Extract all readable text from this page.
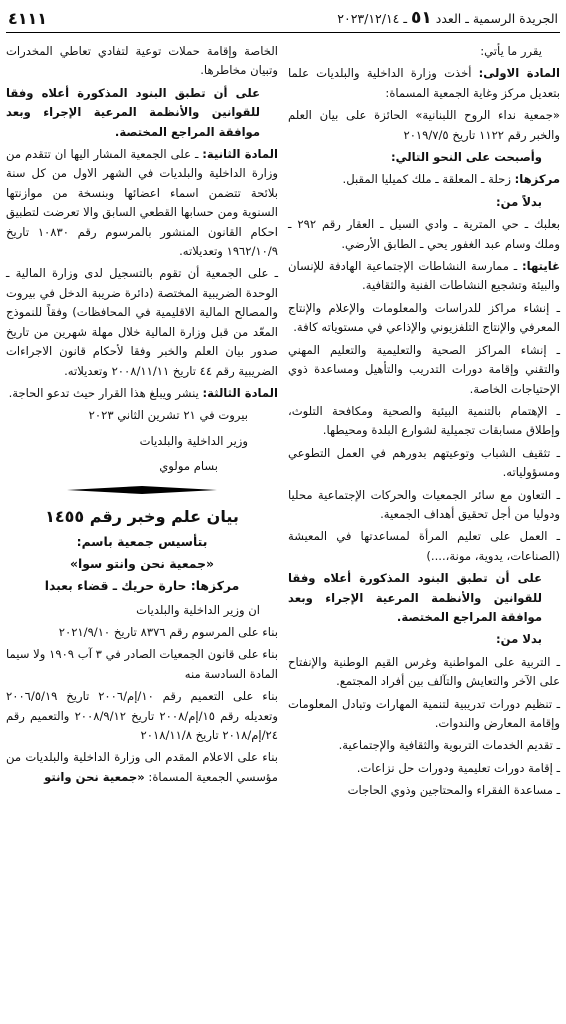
الجريدة الرسمية ـ العدد ٥١ ـ ٢٠٢٣/١٢/١٤
٤١١١

يقرر ما يأتي:

المادة الاولى: أخذت وزارة الداخلية والبلديات علما بتعديل مركز وغاية الجمعية المسماة:

«جمعية نداء الروح اللبنانية» الحائزة على بيان العلم والخبر رقم ١١٢٢ تاريخ ٢٠١٩/٧/٥

وأصبحت على النحو التالي:

مركزها: زحلة ـ المعلقة ـ ملك كميليا المقبل.

بدلاً من:

بعلبك ـ حي المترية ـ وادي السيل ـ العقار رقم ٢٩٢ ـ وملك وسام عبد الغفور يحي ـ الطابق الأرضي.

غايتها: ـ ممارسة النشاطات الإجتماعية الهادفة للإنسان والبيئة وتشجيع النشاطات الفنية والثقافية.

ـ إنشاء مراكز للدراسات والمعلومات والإعلام والإنتاج المعرفي والإنتاج التلفزيوني والإذاعي في مستوياته كافة.

ـ إنشاء المراكز الصحية والتعليمية والتعليم المهني والتقني وإقامة دورات التدريب والتأهيل ومساعدة ذوي الإحتياجات الخاصة.

ـ الإهتمام بالتنمية البيئية والصحية ومكافحة التلوث، وإطلاق مسابقات تجميلية لشوارع البلدة ومحيطها.

ـ تثقيف الشباب وتوعيتهم بدورهم في العمل التطوعي ومسؤولياته.

ـ التعاون مع سائر الجمعيات والحركات الإجتماعية محليا ودوليا من أجل تحقيق أهداف الجمعية.

ـ العمل على تعليم المرأة لمساعدتها في المعيشة (الصناعات، يدوية، مونة،....)

على أن تطبق البنود المذكورة أعلاه وفقا للقوانين والأنظمة المرعية الإجراء وبعد موافقة المراجع المختصة.

بدلا من:

ـ التربية على المواطنية وغرس القيم الوطنية والإنفتاح على الآخر والتعايش والتآلف بين أفراد المجتمع.

ـ تنظيم دورات تدريبية لتنمية المهارات وتبادل المعلومات وإقامة المعارض والندوات.

ـ تقديم الخدمات التربوية والثقافية والإجتماعية.

ـ إقامة دورات تعليمية ودورات حل نزاعات.

ـ مساعدة الفقراء والمحتاجين وذوي الحاجات

الخاصة وإقامة حملات توعية لتفادي تعاطي المخدرات وتبيان مخاطرها.

على أن تطبق البنود المذكورة أعلاه وفقا للقوانين والأنظمة المرعية الإجراء وبعد موافقة المراجع المختصة.

المادة الثانية: ـ على الجمعية المشار اليها ان تتقدم من وزارة الداخلية والبلديات في الشهر الاول من كل سنة بلائحة تتضمن اسماء اعضائها وبنسخة من موازنتها السنوية ومن حسابها القطعي السابق والا تعرضت لتطبيق احكام القانون المنشور بالمرسوم رقم ١٠٨٣٠ تاريخ ١٩٦٢/١٠/٩ وتعديلاته.

ـ على الجمعية أن تقوم بالتسجيل لدى وزارة المالية ـ الوحدة الضريبية المختصة (دائرة ضريبة الدخل في بيروت والمصالح المالية الاقليمية في المحافظات) وفقاً للنموذج المعّد من قبل وزارة المالية خلال مهلة شهرين من تاريخ صدور بيان العلم والخبر وفقا لأحكام قانون الاجراءات الضريبية رقم ٤٤ تاريخ ٢٠٠٨/١١/١١ وتعديلاته.

المادة الثالثة: ينشر ويبلغ هذا القرار حيث تدعو الحاجة.

بيروت في ٢١ تشرين الثاني ٢٠٢٣

وزير الداخلية والبلديات

بسام مولوي

بيان علم وخبر رقم ١٤٥٥

بتأسيس جمعية باسم:

«جمعية نحن وانتو سوا»

مركزها: حارة حريك ـ قضاء بعبدا

ان وزير الداخلية والبلديات

بناء على المرسوم رقم ٨٣٧٦ تاريخ ٢٠٢١/٩/١٠

بناء على قانون الجمعيات الصادر في ٣ آب ١٩٠٩ ولا سيما المادة السادسة منه

بناء على التعميم رقم ١٠/إم/٢٠٠٦ تاريخ ٢٠٠٦/٥/١٩ وتعديله رقم ١٥/إم/٢٠٠٨ تاريخ ٢٠٠٨/٩/١٢ والتعميم رقم ٢٤/إم/٢٠١٨ تاريخ ٢٠١٨/١١/٨

بناء على الاعلام المقدم الى وزارة الداخلية والبلديات من مؤسسي الجمعية المسماة: «جمعية نحن وانتو
